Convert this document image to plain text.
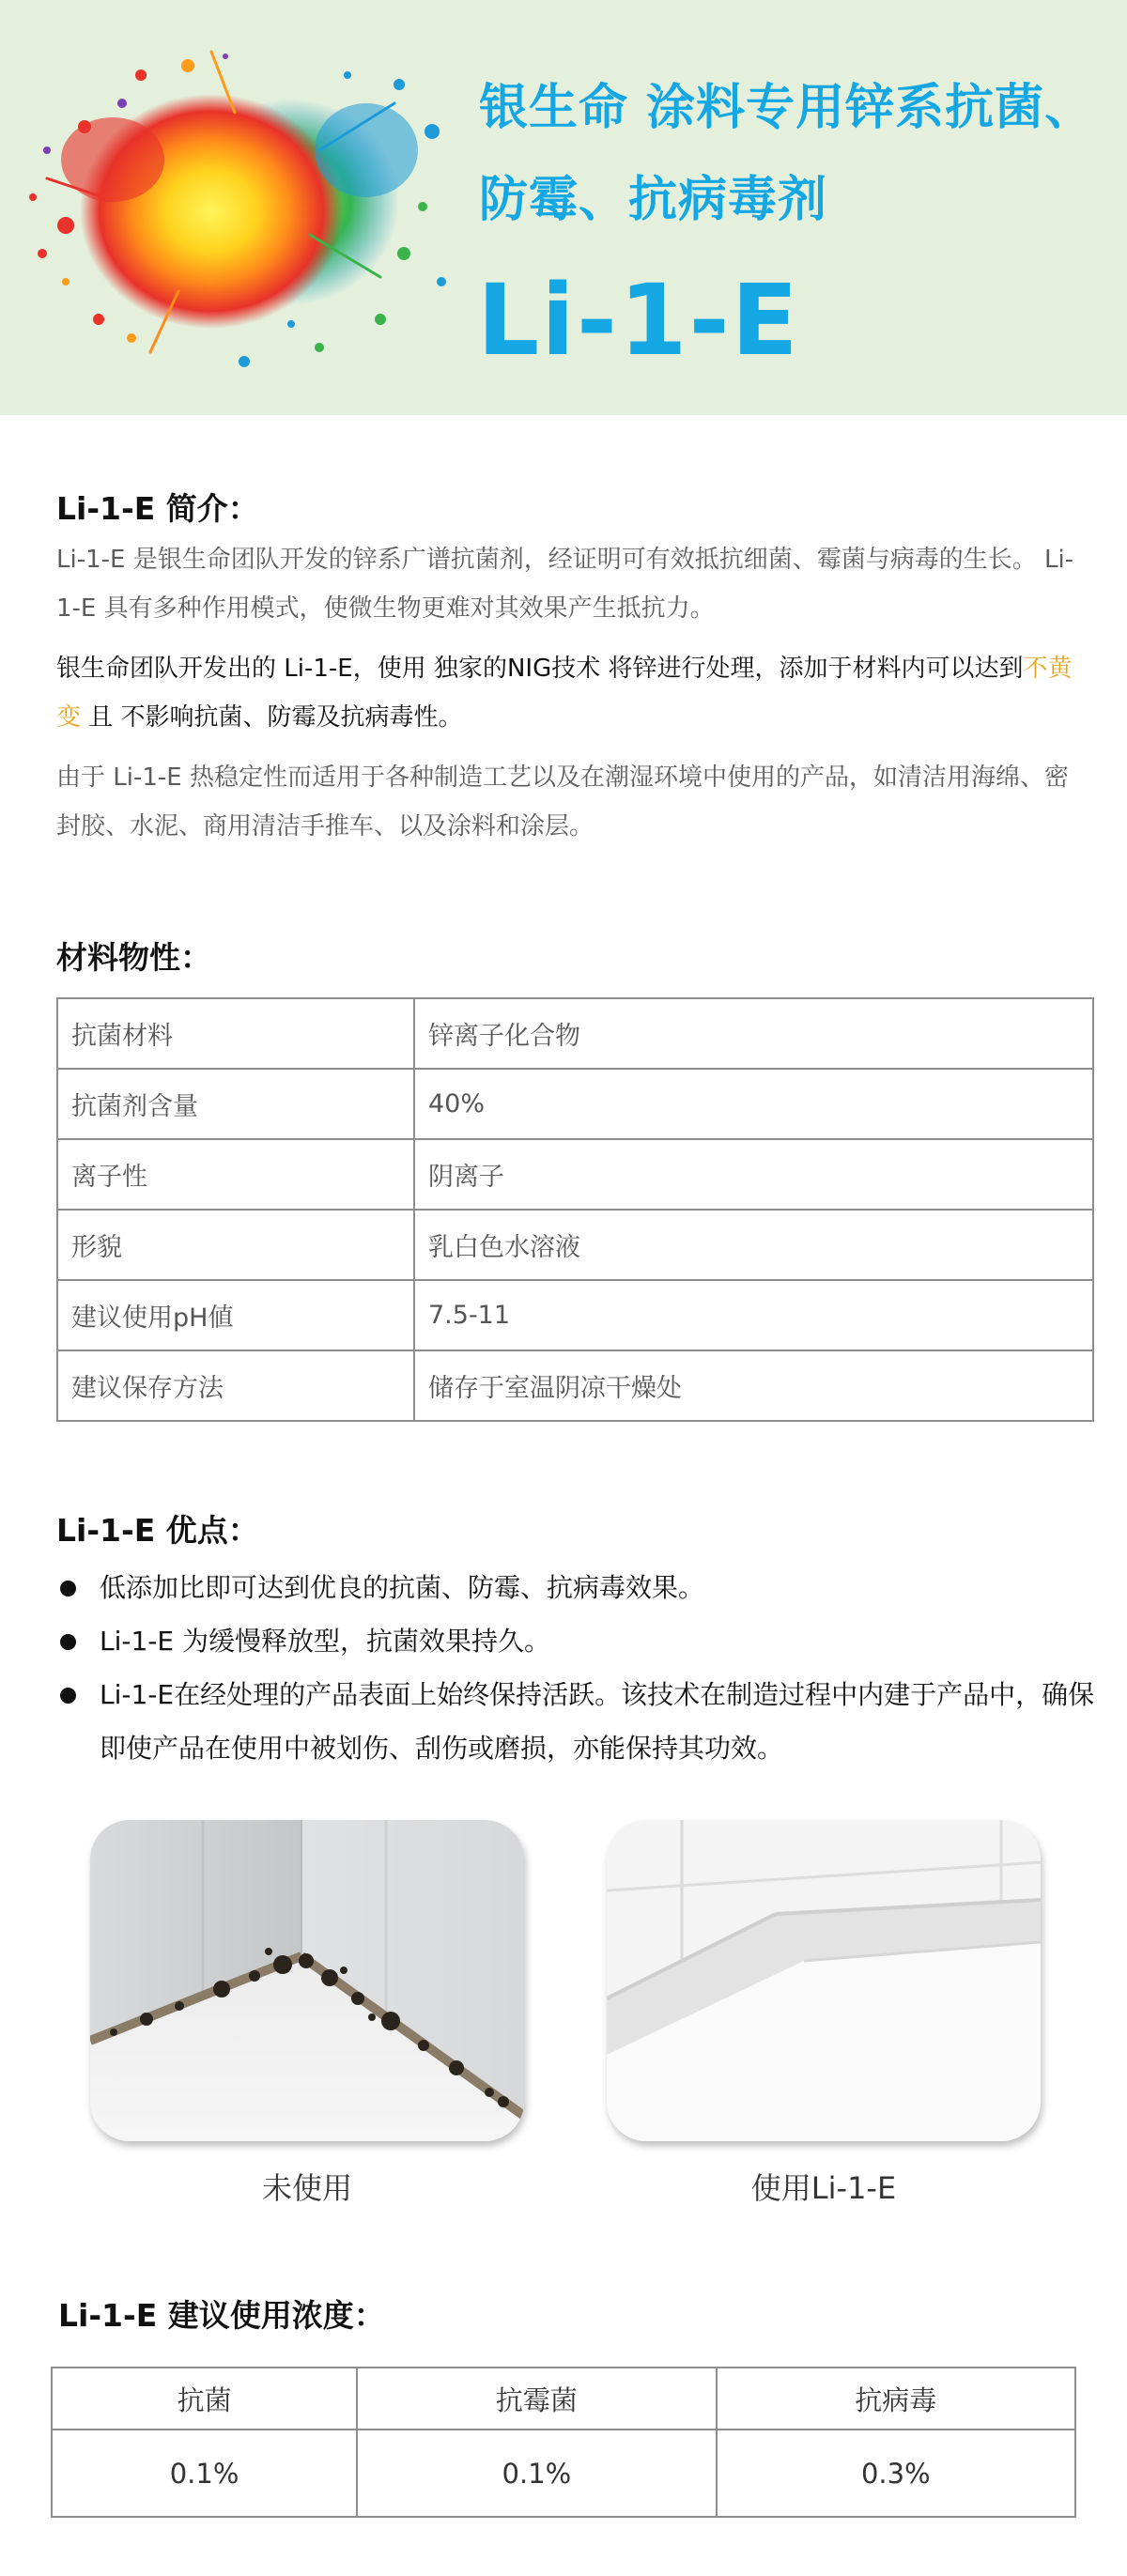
银生命 涂料专用锌系抗菌、
防霉、抗病毒剂
Li-1-E
Li-1-E 简介：
Li-1-E 是银生命团队开发的锌系广谱抗菌剂，经证明可有效抵抗细菌、霉菌与病毒的生长。 Li-1-E 具有多种作用模式，使微生物更难对其效果产生抵抗力。
银生命团队开发出的 Li-1-E，使用 独家的NIG技术 将锌进行处理，添加于材料内可以达到不黄变 且 不影响抗菌、防霉及抗病毒性。
由于 Li-1-E 热稳定性而适用于各种制造工艺以及在潮湿环境中使用的产品，如清洁用海绵、密封胶、水泥、商用清洁手推车、以及涂料和涂层。
材料物性：
抗菌材料	锌离子化合物
抗菌剂含量	40%
离子性	阴离子
形貌	乳白色水溶液
建议使用pH値	7.5-11
建议保存方法	储存于室温阴凉干燥处
Li-1-E 优点：
低添加比即可达到优良的抗菌、防霉、抗病毒效果。
Li-1-E 为缓慢释放型，抗菌效果持久。
Li-1-E在经处理的产品表面上始终保持活跃。该技术在制造过程中内建于产品中，确保即使产品在使用中被划伤、刮伤或磨损，亦能保持其功效。
未使用	使用Li-1-E
Li-1-E 建议使用浓度：
抗菌	抗霉菌	抗病毒
0.1%	0.1%	0.3%
